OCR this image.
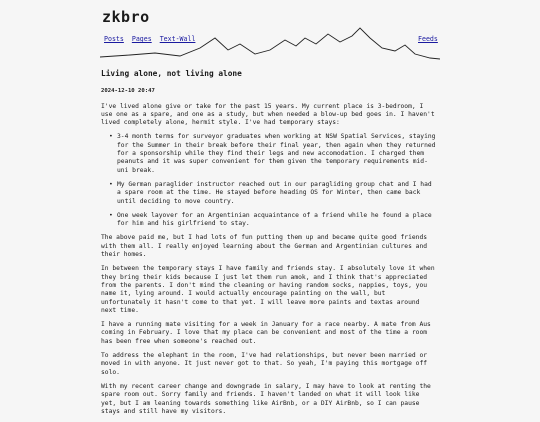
zkbro
Posts Pages Text-Wall	Feeds
Living alone, not living alone
2024-12-10 20:47

I've lived alone give or take for the past 15 years. My current place is 3-bedroom, I use one as a spare, and one as a study, but when needed a blow-up bed goes in. I haven't lived completely alone, hermit style. I've had temporary stays:

• 3-4 month terms for surveyor graduates when working at NSW Spatial Services, staying for the Summer in their break before their final year, then again when they returned for a sponsorship while they find their legs and new accomodation. I charged them peanuts and it was super convenient for them given the temporary requirements mid-uni break.
• My German paraglider instructor reached out in our paragliding group chat and I had a spare room at the time. He stayed before heading OS for Winter, then came back until deciding to move country.
• One week layover for an Argentinian acquaintance of a friend while he found a place for him and his girlfriend to stay.

The above paid me, but I had lots of fun putting them up and became quite good friends with them all. I really enjoyed learning about the German and Argentinian cultures and their homes.

In between the temporary stays I have family and friends stay. I absolutely love it when they bring their kids because I just let them run amok, and I think that's appreciated from the parents. I don't mind the cleaning or having random socks, nappies, toys, you name it, lying around. I would actually encourage painting on the wall, but unfortunately it hasn't come to that yet. I will leave more paints and textas around next time.

I have a running mate visiting for a week in January for a race nearby. A mate from Aus coming in February. I love that my place can be convenient and most of the time a room has been free when someone's reached out.

To address the elephant in the room, I've had relationships, but never been married or moved in with anyone. It just never got to that. So yeah, I'm paying this mortgage off solo.

With my recent career change and downgrade in salary, I may have to look at renting the spare room out. Sorry family and friends. I haven't landed on what it will look like yet, but I am leaning towards something like AirBnb, or a DIY AirBnb, so I can pause stays and still have my visitors.
